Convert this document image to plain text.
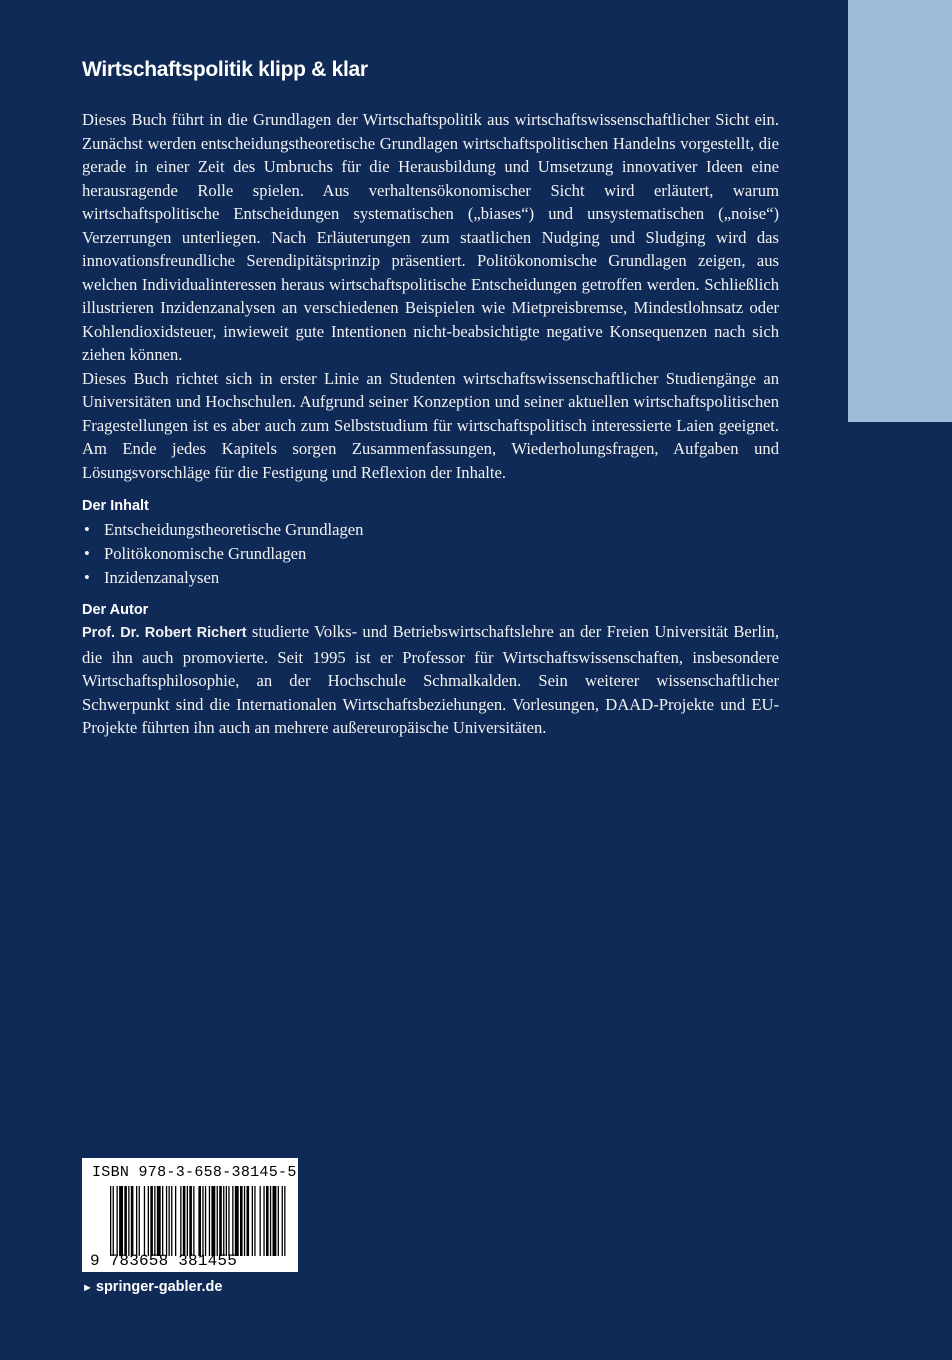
Wirtschaftspolitik klipp & klar

Dieses Buch führt in die Grundlagen der Wirtschaftspolitik aus wirtschaftswissenschaftlicher Sicht ein. Zunächst werden entscheidungstheoretische Grundlagen wirtschaftspolitischen Handelns vorgestellt, die gerade in einer Zeit des Umbruchs für die Herausbildung und Umsetzung innovativer Ideen eine herausragende Rolle spielen. Aus verhaltensökonomischer Sicht wird erläutert, warum wirtschaftspolitische Entscheidungen systematischen („biases“) und unsystematischen („noise“) Verzerrungen unterliegen. Nach Erläuterungen zum staatlichen Nudging und Sludging wird das innovationsfreundliche Serendipitätsprinzip präsentiert. Politökonomische Grundlagen zeigen, aus welchen Individualinteressen heraus wirtschaftspolitische Entscheidungen getroffen werden. Schließlich illustrieren Inzidenzanalysen an verschiedenen Beispielen wie Mietpreisbremse, Mindestlohnsatz oder Kohlendioxidsteuer, inwieweit gute Intentionen nicht-beabsichtigte negative Konsequenzen nach sich ziehen können.

Dieses Buch richtet sich in erster Linie an Studenten wirtschaftswissenschaftlicher Studiengänge an Universitäten und Hochschulen. Aufgrund seiner Konzeption und seiner aktuellen wirtschaftspolitischen Fragestellungen ist es aber auch zum Selbststudium für wirtschaftspolitisch interessierte Laien geeignet. Am Ende jedes Kapitels sorgen Zusammenfassungen, Wiederholungsfragen, Aufgaben und Lösungsvorschläge für die Festigung und Reflexion der Inhalte.

Der Inhalt
• Entscheidungstheoretische Grundlagen
• Politökonomische Grundlagen
• Inzidenzanalysen
Der Autor
Prof. Dr. Robert Richert studierte Volks- und Betriebswirtschaftslehre an der Freien Universität Berlin, die ihn auch promovierte. Seit 1995 ist er Professor für Wirtschaftswissenschaften, insbesondere Wirtschaftsphilosophie, an der Hochschule Schmalkalden. Sein weiterer wissenschaftlicher Schwerpunkt sind die Internationalen Wirtschaftsbeziehungen. Vorlesungen, DAAD-Projekte und EU-Projekte führten ihn auch an mehrere außereuropäische Universitäten.
ISBN 978-3-658-38145-5
9 783658 381455
► springer-gabler.de
